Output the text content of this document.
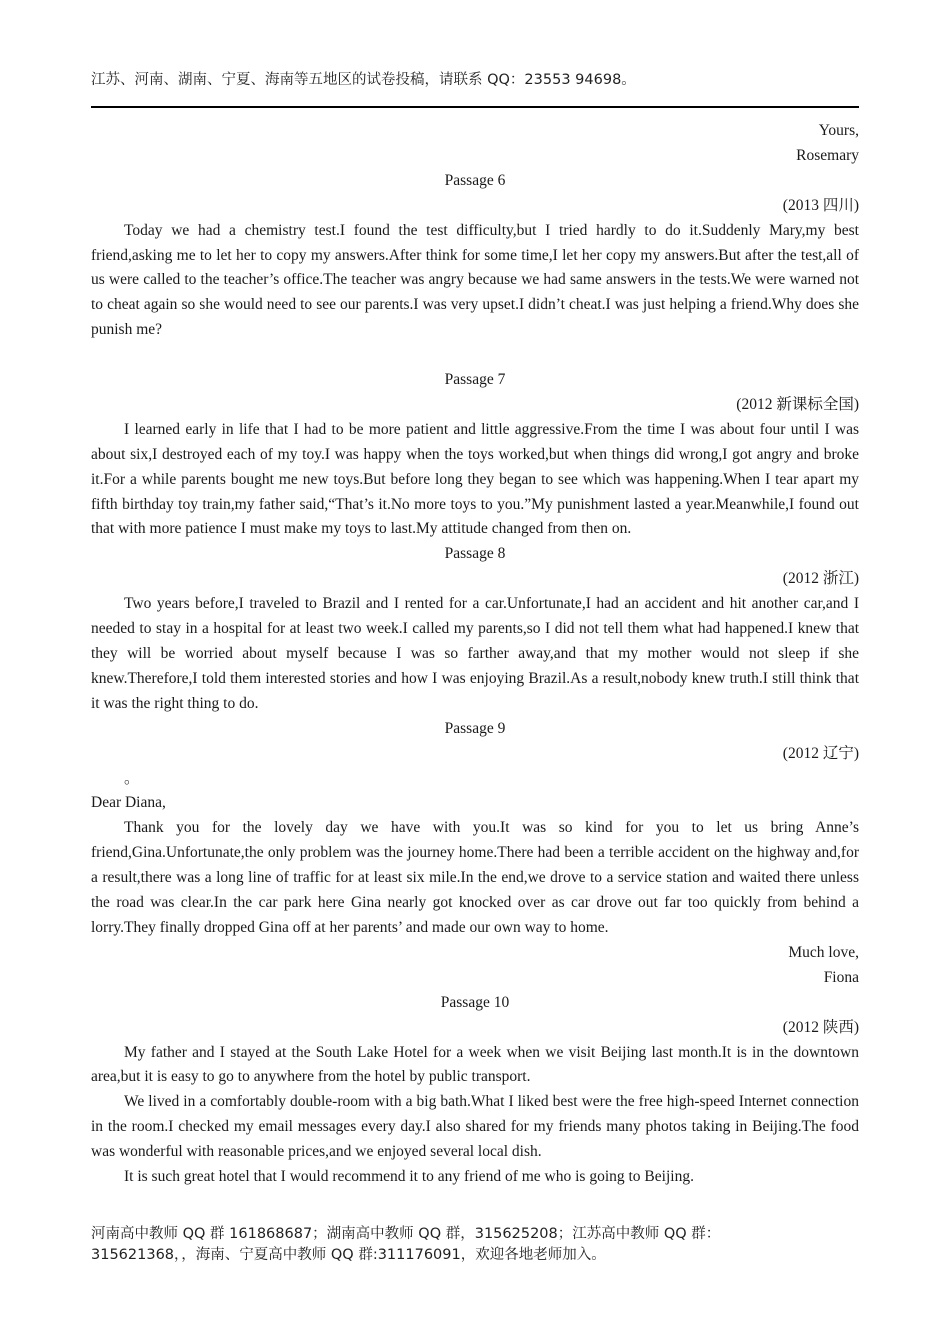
江苏、河南、湖南、宁夏、海南等五地区的试卷投稿，请联系 QQ：23553 94698。

Yours,

Rosemary

Passage 6

(2013 四川)

Today we had a chemistry test.I found the test difficulty,but I tried hardly to do it.Suddenly Mary,my best friend,asking me to let her to copy my answers.After think for some time,I let her copy my answers.But after the test,all of us were called to the teacher’s office.The teacher was angry because we had same answers in the tests.We were warned not to cheat again so she would need to see our parents.I was very upset.I didn’t cheat.I was just helping a friend.Why does she punish me?

Passage 7

(2012 新课标全国)

I learned early in life that I had to be more patient and little aggressive.From the time I was about four until I was about six,I destroyed each of my toy.I was happy when the toys worked,but when things did wrong,I got angry and broke it.For a while parents bought me new toys.But before long they began to see which was happening.When I tear apart my fifth birthday toy train,my father said,“That’s it.No more toys to you.”My punishment lasted a year.Meanwhile,I found out that with more patience I must make my toys to last.My attitude changed from then on.

Passage 8

(2012 浙江)

Two years before,I traveled to Brazil and I rented for a car.Unfortunate,I had an accident and hit another car,and I needed to stay in a hospital for at least two week.I called my parents,so I did not tell them what had happened.I knew that they will be worried about myself because I was so farther away,and that my mother would not sleep if she knew.Therefore,I told them interested stories and how I was enjoying Brazil.As a result,nobody knew truth.I still think that it was the right thing to do.

Passage 9

(2012 辽宁)

。

Dear Diana,

Thank you for the lovely day we have with you.It was so kind for you to let us bring Anne’s friend,Gina.Unfortunate,the only problem was the journey home.There had been a terrible accident on the highway and,for a result,there was a long line of traffic for at least six mile.In the end,we drove to a service station and waited there unless the road was clear.In the car park here Gina nearly got knocked over as car drove out far too quickly from behind a lorry.They finally dropped Gina off at her parents’ and made our own way to home.

Much love,

Fiona

Passage 10

(2012 陕西)

My father and I stayed at the South Lake Hotel for a week when we visit Beijing last month.It is in the downtown area,but it is easy to go to anywhere from the hotel by public transport.

We lived in a comfortably double-room with a big bath.What I liked best were the free high-speed Internet connection in the room.I checked my email messages every day.I also shared for my friends many photos taking in Beijing.The food was wonderful with reasonable prices,and we enjoyed several local dish.

It is such great hotel that I would recommend it to any friend of me who is going to Beijing.

河南高中教师 QQ 群 161868687；湖南高中教师 QQ 群，315625208；江苏高中教师 QQ 群：
315621368，，海南、宁夏高中教师 QQ 群:311176091，欢迎各地老师加入。
